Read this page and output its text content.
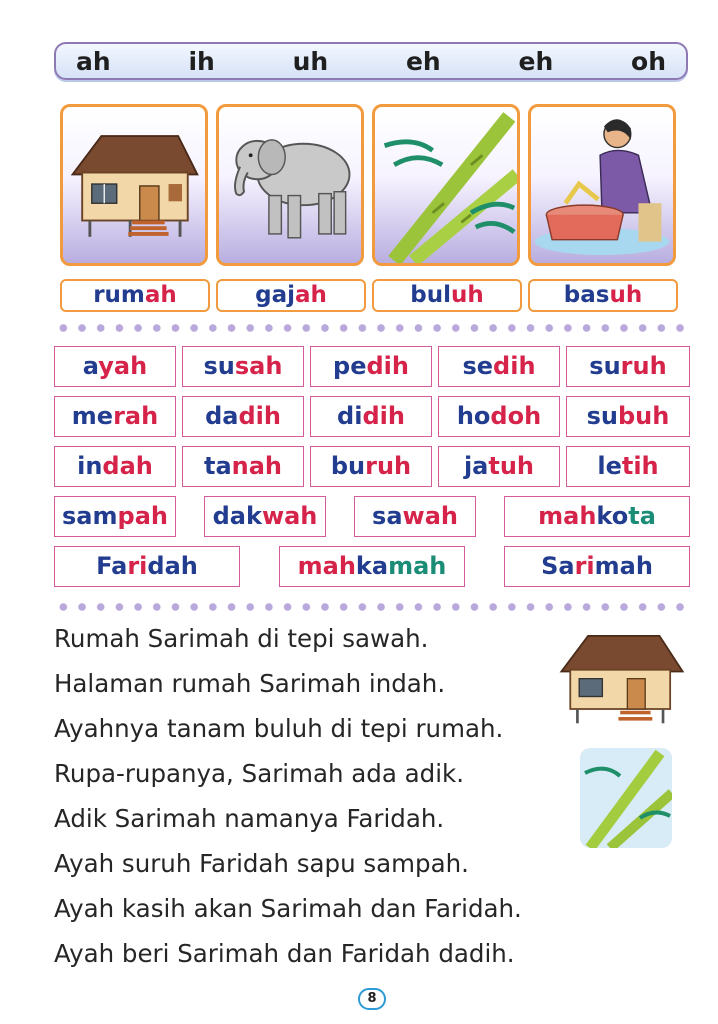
ah	ih	uh	eh	eh	oh
rumah	gajah	buluh	basuh
ayah	susah	pedih	sedih	suruh
merah	dadih	didih	hodoh	subuh
indah	tanah	buruh	jatuh	letih
sampah	dakwah	sawah	mahkota
Faridah	mahkamah	Sarimah

Rumah Sarimah di tepi sawah.

Halaman rumah Sarimah indah.

Ayahnya tanam buluh di tepi rumah.

Rupa-rupanya, Sarimah ada adik.

Adik Sarimah namanya Faridah.

Ayah suruh Faridah sapu sampah.

Ayah kasih akan Sarimah dan Faridah.

Ayah beri Sarimah dan Faridah dadih.

8
